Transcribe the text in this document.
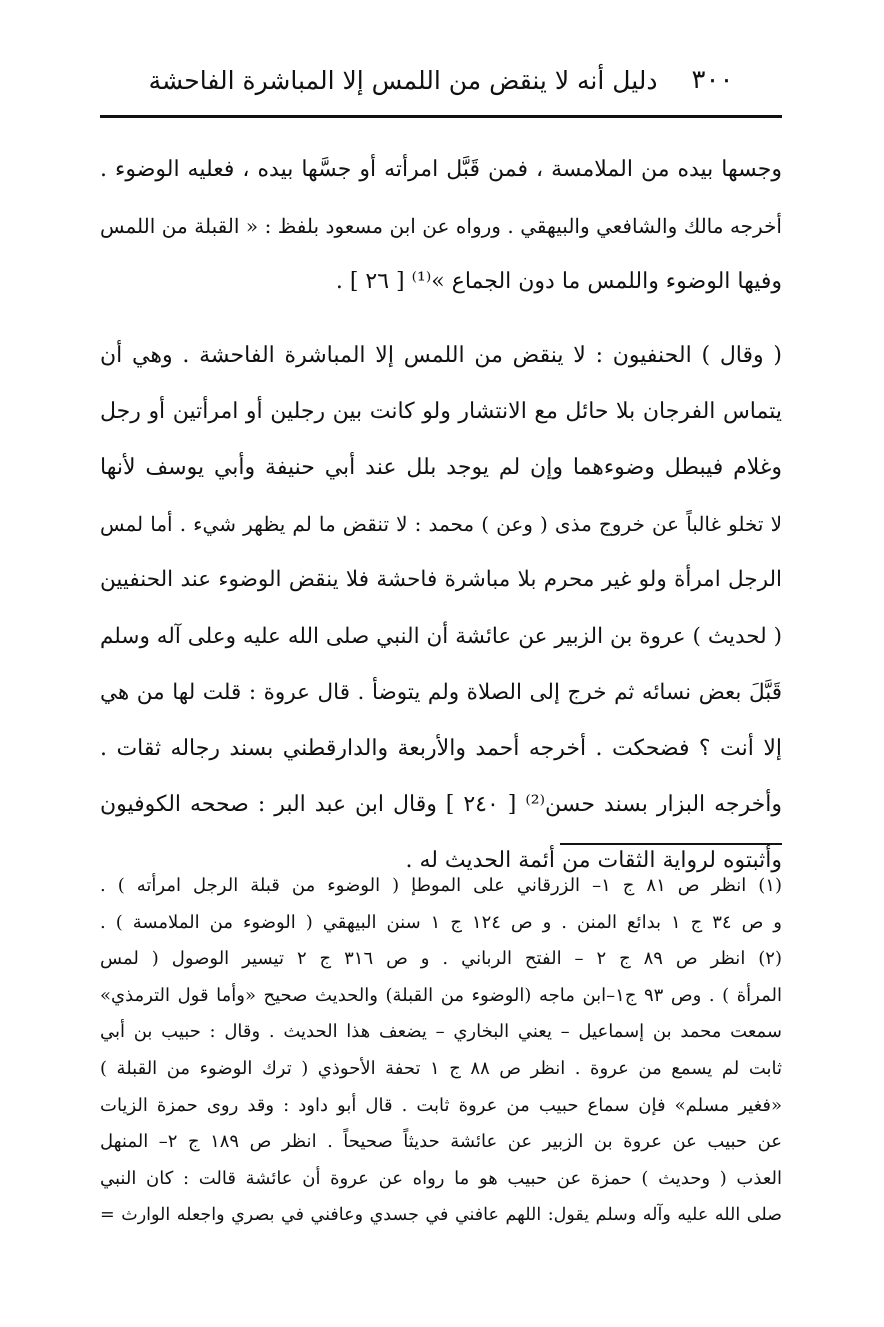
٣٠٠
دليل أنه لا ينقض من اللمس إلا المباشرة الفاحشة
وجسها بيده من الملامسة ، فمن قَبَّل امرأته أو جسَّها بيده ، فعليه الوضوء .
أخرجه مالك والشافعي والبيهقي . ورواه عن ابن مسعود بلفظ : « القبلة من اللمس
وفيها الوضوء واللمس ما دون الجماع »⁽¹⁾ [ ٢٦ ] .
( وقال ) الحنفيون : لا ينقض من اللمس إلا المباشرة الفاحشة . وهي أن
يتماس الفرجان بلا حائل مع الانتشار ولو كانت بين رجلين أو امرأتين أو رجل
وغلام فيبطل وضوءهما وإن لم يوجد بلل عند أبي حنيفة وأبي يوسف لأنها
لا تخلو غالباً عن خروج مذى ( وعن ) محمد : لا تنقض ما لم يظهر شيء . أما لمس
الرجل امرأة ولو غير محرم بلا مباشرة فاحشة فلا ينقض الوضوء عند الحنفيين
( لحديث ) عروة بن الزبير عن عائشة أن النبي صلى الله عليه وعلى آله وسلم
قَبَّلَ بعض نسائه ثم خرج إلى الصلاة ولم يتوضأ . قال عروة : قلت لها من هي
إلا أنت ؟ فضحكت . أخرجه أحمد والأربعة والدارقطني بسند رجاله ثقات .
وأخرجه البزار بسند حسن⁽²⁾ [ ٢٤٠ ] وقال ابن عبد البر : صححه الكوفيون
وأثبتوه لرواية الثقات من أئمة الحديث له .
(١) انظر ص ٨١ ج ١– الزرقاني على الموطإ ( الوضوء من قبلة الرجل امرأته ) .
و ص ٣٤ ج ١ بدائع المنن . و ص ١٢٤ ج ١ سنن البيهقي ( الوضوء من الملامسة ) .
(٢) انظر ص ٨٩ ج ٢ – الفتح الرباني . و ص ٣١٦ ج ٢ تيسير الوصول ( لمس
المرأة ) . وص ٩٣ ج١–ابن ماجه (الوضوء من القبلة) والحديث صحيح «وأما قول الترمذي»
سمعت محمد بن إسماعيل – يعني البخاري – يضعف هذا الحديث . وقال : حبيب بن أبي
ثابت لم يسمع من عروة . انظر ص ٨٨ ج ١ تحفة الأحوذي ( ترك الوضوء من القبلة )
«فغير مسلم» فإن سماع حبيب من عروة ثابت . قال أبو داود : وقد روى حمزة الزيات
عن حبيب عن عروة بن الزبير عن عائشة حديثاً صحيحاً . انظر ص ١٨٩ ج ٢– المنهل
العذب ( وحديث ) حمزة عن حبيب هو ما رواه عن عروة أن عائشة قالت : كان النبي
صلى الله عليه وآله وسلم يقول: اللهم عافني في جسدي وعافني في بصري واجعله الوارث =
